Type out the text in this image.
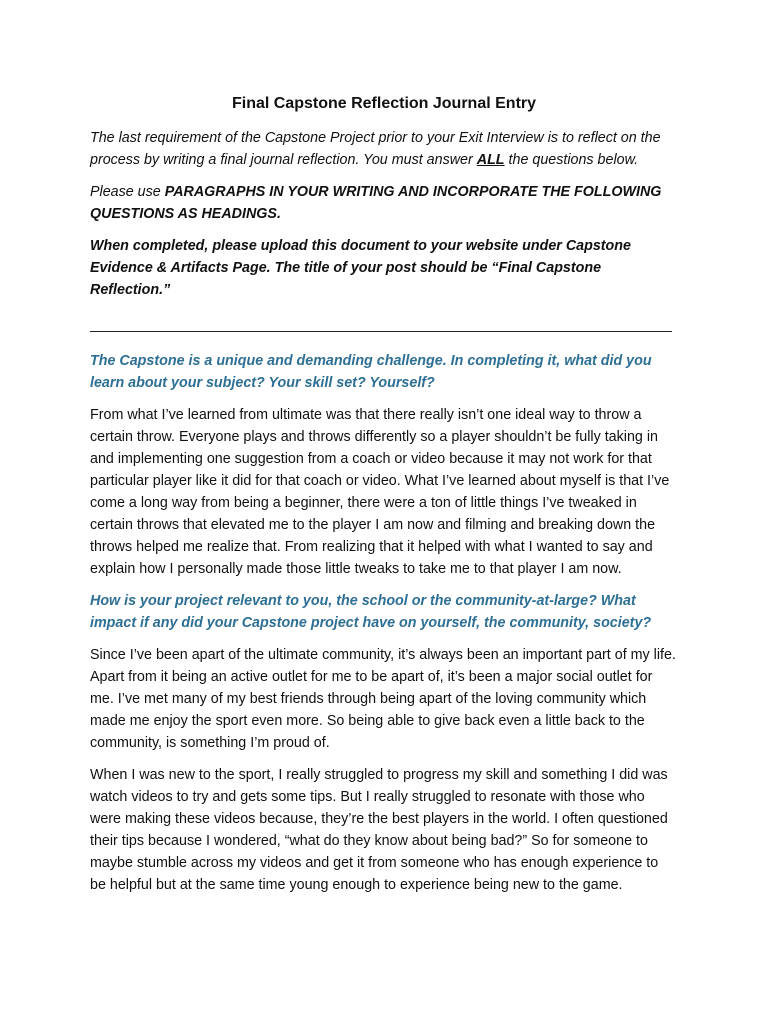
Final Capstone Reflection Journal Entry

The last requirement of the Capstone Project prior to your Exit Interview is to reflect on the process by writing a final journal reflection. You must answer ALL the questions below.

Please use PARAGRAPHS IN YOUR WRITING AND INCORPORATE THE FOLLOWING QUESTIONS AS HEADINGS.

When completed, please upload this document to your website under Capstone Evidence & Artifacts Page. The title of your post should be “Final Capstone Reflection.”

The Capstone is a unique and demanding challenge. In completing it, what did you learn about your subject? Your skill set? Yourself?

From what I’ve learned from ultimate was that there really isn’t one ideal way to throw a certain throw. Everyone plays and throws differently so a player shouldn’t be fully taking in and implementing one suggestion from a coach or video because it may not work for that particular player like it did for that coach or video. What I’ve learned about myself is that I’ve come a long way from being a beginner, there were a ton of little things I’ve tweaked in certain throws that elevated me to the player I am now and filming and breaking down the throws helped me realize that. From realizing that it helped with what I wanted to say and explain how I personally made those little tweaks to take me to that player I am now.

How is your project relevant to you, the school or the community-at-large? What impact if any did your Capstone project have on yourself, the community, society?

Since I’ve been apart of the ultimate community, it’s always been an important part of my life. Apart from it being an active outlet for me to be apart of, it’s been a major social outlet for me. I’ve met many of my best friends through being apart of the loving community which made me enjoy the sport even more. So being able to give back even a little back to the community, is something I’m proud of.

When I was new to the sport, I really struggled to progress my skill and something I did was watch videos to try and gets some tips. But I really struggled to resonate with those who were making these videos because, they’re the best players in the world. I often questioned their tips because I wondered, “what do they know about being bad?” So for someone to maybe stumble across my videos and get it from someone who has enough experience to be helpful but at the same time young enough to experience being new to the game.
